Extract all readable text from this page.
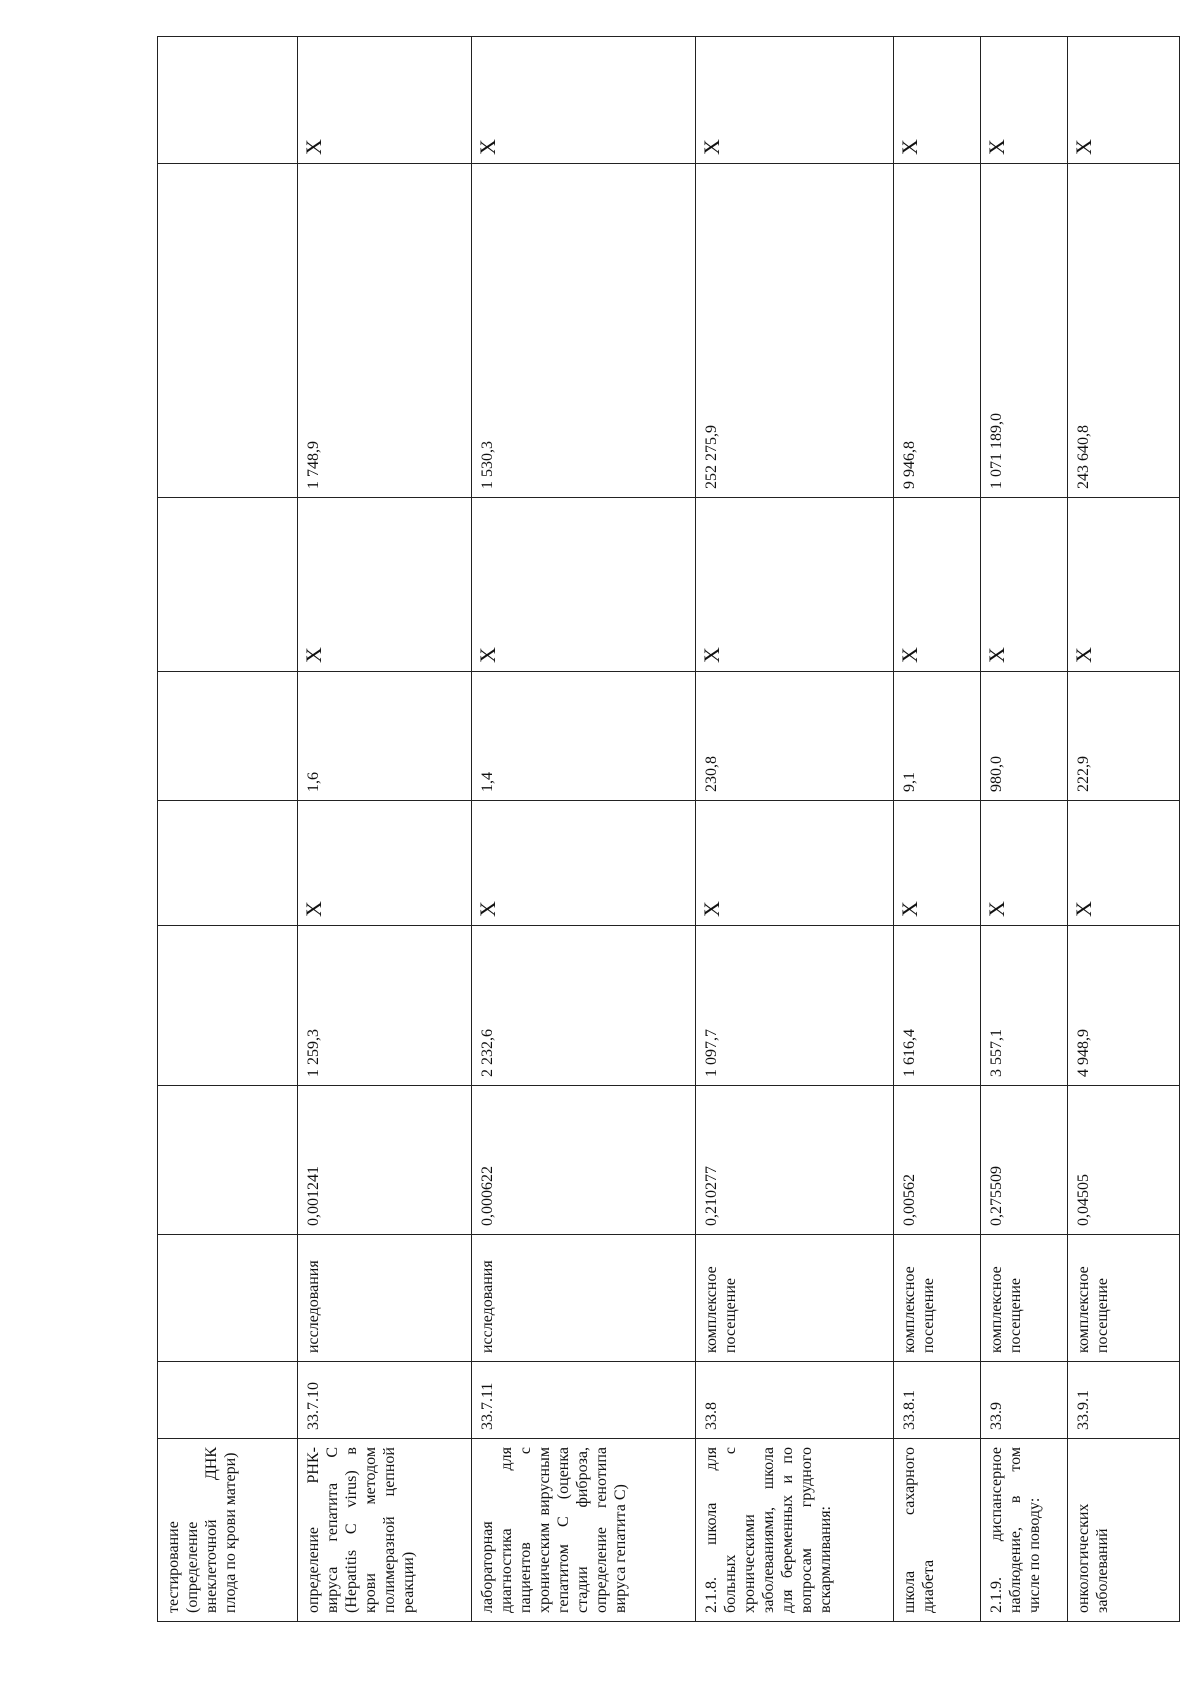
тестирование (определение внеклеточной ДНК плода по крови матери)									
определение РНК-вируса гепатита С (Hepatitis C virus) в крови методом полимеразной цепной реакции)	33.7.10	исследования	0,001241	1 259,3	X	1,6	X	1 748,9	X
лабораторная диагностика для пациентов с хроническим вирусным гепатитом С (оценка стадии фиброза, определение генотипа вируса гепатита С)	33.7.11	исследования	0,000622	2 232,6	X	1,4	X	1 530,3	X
2.1.8. школа для больных с хроническими заболеваниями, школа для беременных и по вопросам грудного вскармливания:	33.8	комплексное посещение	0,210277	1 097,7	X	230,8	X	252 275,9	X
школа сахарного диабета	33.8.1	комплексное посещение	0,00562	1 616,4	X	9,1	X	9 946,8	X
2.1.9. диспансерное наблюдение, в том числе по поводу:	33.9	комплексное посещение	0,275509	3 557,1	X	980,0	X	1 071 189,0	X
онкологических заболеваний	33.9.1	комплексное посещение	0,04505	4 948,9	X	222,9	X	243 640,8	X
